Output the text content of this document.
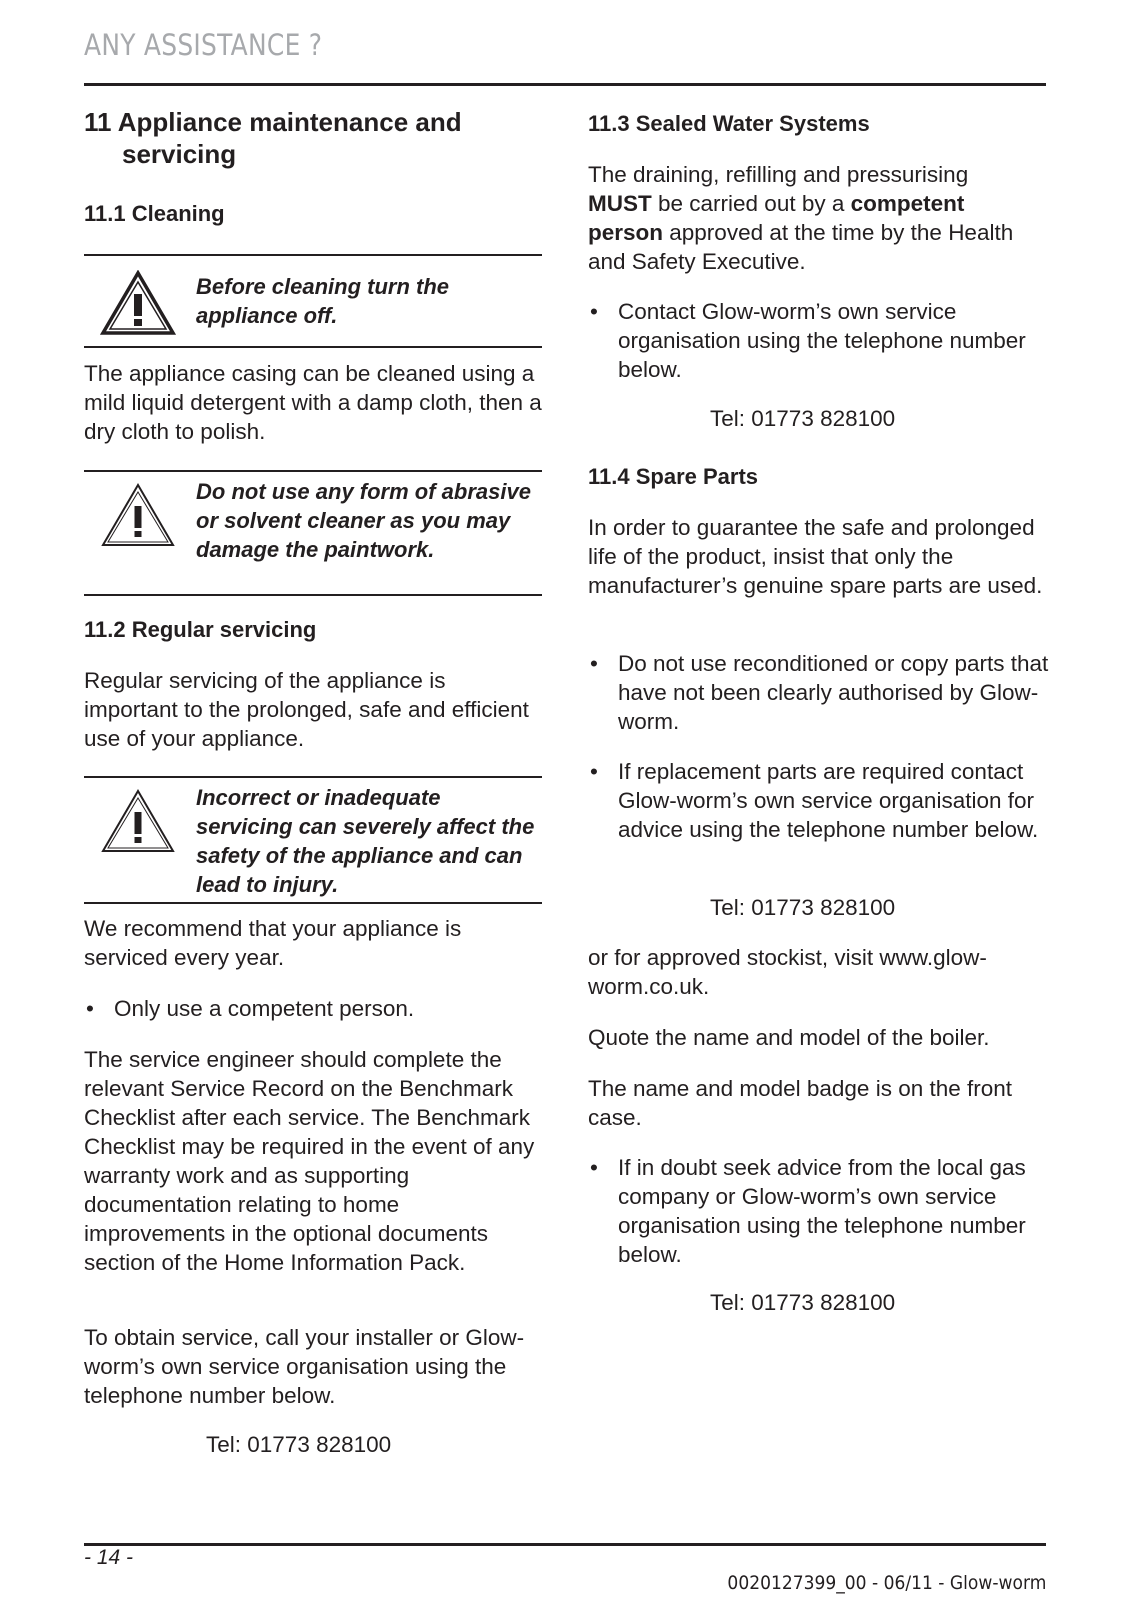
ANY ASSISTANCE ?
11 Appliance maintenance and servicing
11.1 Cleaning
Before cleaning turn the appliance off.
The appliance casing can be cleaned using a mild liquid detergent with a damp cloth, then a dry cloth to polish.
Do not use any form of abrasive or solvent cleaner as you may damage the paintwork.
11.2 Regular servicing
Regular servicing of the appliance is important to the prolonged, safe and efficient use of your appliance.
Incorrect or inadequate servicing can severely affect the safety of the appliance and can lead to injury.
We recommend that your appliance is serviced every year.
• Only use a competent person.
The service engineer should complete the relevant Service Record on the Benchmark Checklist after each service. The Benchmark Checklist may be required in the event of any warranty work and as supporting documentation relating to home improvements in the optional documents section of the Home Information Pack.
To obtain service, call your installer or Glow-worm’s own service organisation using the telephone number below.
Tel: 01773 828100
11.3 Sealed Water Systems
The draining, refilling and pressurising
MUST be carried out by a competent
person approved at the time by the Health and Safety Executive.
• Contact Glow-worm’s own service organisation using the telephone number below.
Tel: 01773 828100
11.4 Spare Parts
In order to guarantee the safe and prolonged life of the product, insist that only the manufacturer’s genuine spare parts are used.
• Do not use reconditioned or copy parts that have not been clearly authorised by Glow-worm.
• If replacement parts are required contact Glow-worm’s own service organisation for advice using the telephone number below.
Tel: 01773 828100
or for approved stockist, visit www.glow-worm.co.uk.
Quote the name and model of the boiler.
The name and model badge is on the front case.
• If in doubt seek advice from the local gas company or Glow-worm’s own service organisation using the telephone number below.
Tel: 01773 828100
- 14 -
0020127399_00 - 06/11 - Glow-worm
